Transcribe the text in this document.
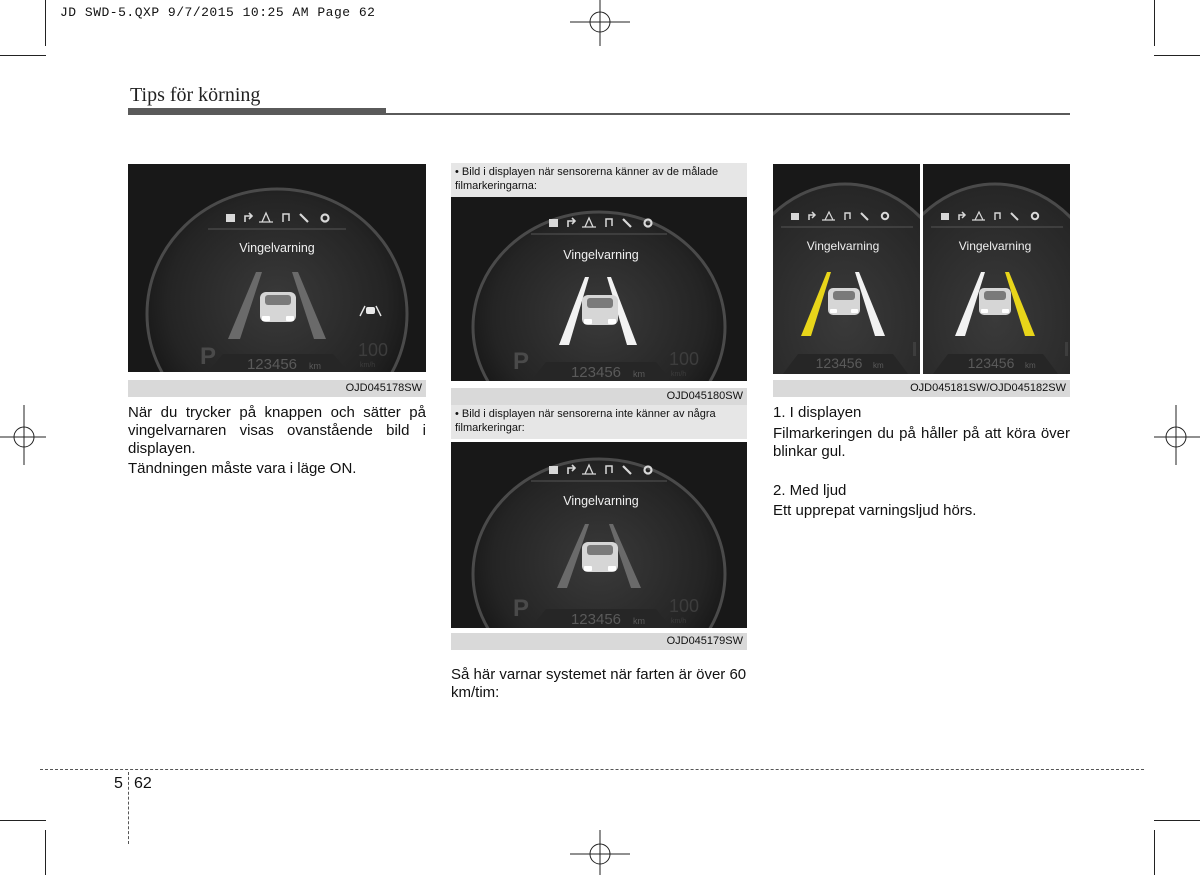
JD SWD-5.QXP 9/7/2015 10:25 AM Page 62
Tips för körning
Vingelvarning
P 123456 km
100
km/h
OJD045178SW

När du trycker på knappen och sätter på vingelvarnaren visas ovanstående bild i displayen.

Tändningen måste vara i läge ON.

• Bild i displayen när sensorerna känner av de målade filmarkeringarna:
Vingelvarning
P	123456 km
100
km/h
OJD045180SW
• Bild i displayen när sensorerna inte känner av några filmarkeringar:
Vingelvarning
P	123456 km
100
km/h
OJD045179SW

Så här varnar systemet när farten är över 60 km/tim:

Vingelvarning
123456 km
Vingelvarning
123456 km
OJD045181SW/OJD045182SW

1. I displayen

Filmarkeringen du på håller på att köra över blinkar gul.

2. Med ljud

Ett upprepat varningsljud hörs.

5 62
